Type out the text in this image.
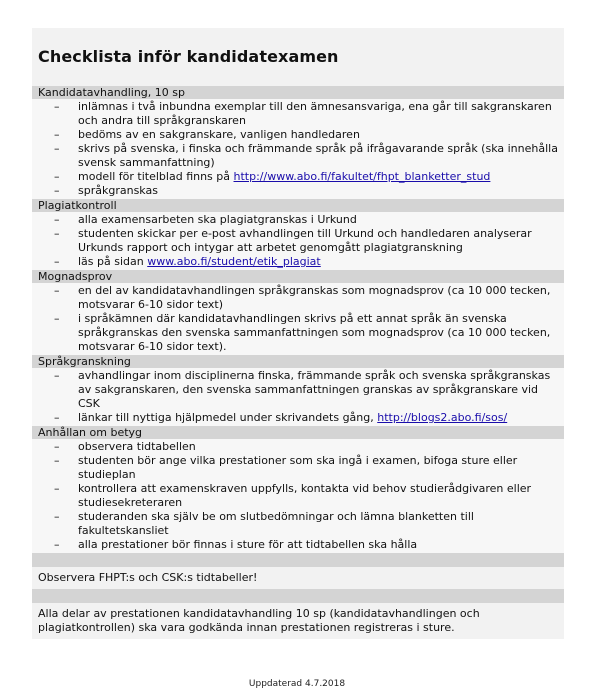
Checklista inför kandidatexamen
Kandidatavhandling, 10 sp
– inlämnas i två inbundna exemplar till den ämnesansvariga, ena går till sakgranskaren och andra till språkgranskaren
– bedöms av en sakgranskare, vanligen handledaren
– skrivs på svenska, i finska och främmande språk på ifrågavarande språk (ska innehålla svensk sammanfattning)
– modell för titelblad finns på http://www.abo.fi/fakultet/fhpt_blanketter_stud
– språkgranskas
Plagiatkontroll
– alla examensarbeten ska plagiatgranskas i Urkund
– studenten skickar per e-post avhandlingen till Urkund och handledaren analyserar Urkunds rapport och intygar att arbetet genomgått plagiatgranskning
– läs på sidan www.abo.fi/student/etik_plagiat
Mognadsprov
– en del av kandidatavhandlingen språkgranskas som mognadsprov (ca 10 000 tecken, motsvarar 6-10 sidor text)
– i språkämnen där kandidatavhandlingen skrivs på ett annat språk än svenska språkgranskas den svenska sammanfattningen som mognadsprov (ca 10 000 tecken, motsvarar 6-10 sidor text).
Språkgranskning
– avhandlingar inom disciplinerna finska, främmande språk och svenska språkgranskas av sakgranskaren, den svenska sammanfattningen granskas av språkgranskare vid CSK
– länkar till nyttiga hjälpmedel under skrivandets gång, http://blogs2.abo.fi/sos/
Anhållan om betyg
– observera tidtabellen
– studenten bör ange vilka prestationer som ska ingå i examen, bifoga sture eller studieplan
– kontrollera att examenskraven uppfylls, kontakta vid behov studierådgivaren eller studiesekreteraren
– studeranden ska själv be om slutbedömningar och lämna blanketten till fakultetskansliet
– alla prestationer bör finnas i sture för att tidtabellen ska hålla
Observera FHPT:s och CSK:s tidtabeller!
Alla delar av prestationen kandidatavhandling 10 sp (kandidatavhandlingen och plagiatkontrollen) ska vara godkända innan prestationen registreras i sture.
Uppdaterad 4.7.2018
